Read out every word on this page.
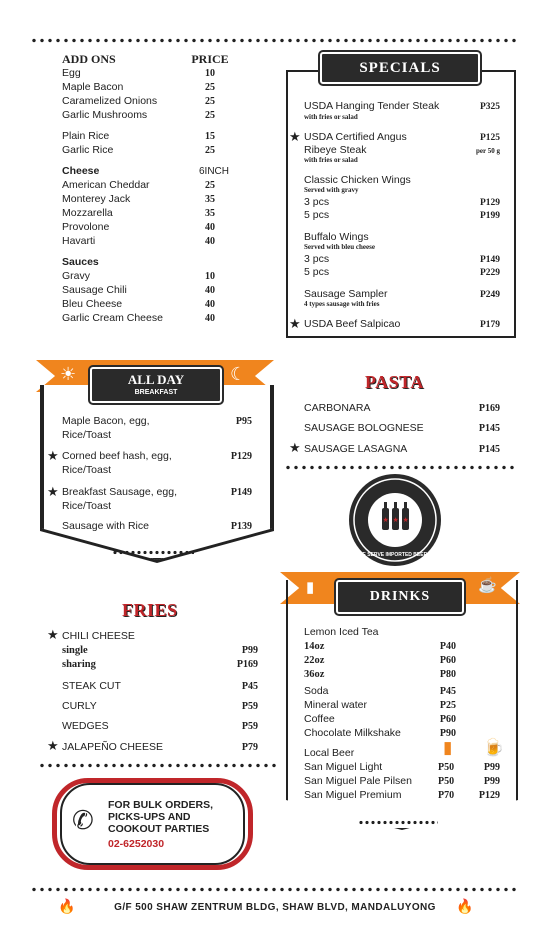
ADD ONS	PRICE
Egg	10
Maple Bacon	25
Caramelized Onions	25
Garlic Mushrooms	25
Plain Rice	15
Garlic Rice	25
Cheese	6INCH
American Cheddar	25
Monterey Jack	35
Mozzarella	35
Provolone	40
Havarti	40
Sauces
Gravy	10
Sausage Chili	40
Bleu Cheese	40
Garlic Cream Cheese	40
SPECIALS
USDA Hanging Tender Steak	P325
with fries or salad
★ USDA Certified Angus	P125
Ribeye Steak	per 50 g
with fries or salad
Classic Chicken Wings
Served with gravy
3 pcs	P129
5 pcs	P199
Buffalo Wings
Served with bleu cheese
3 pcs	P149
5 pcs	P229
Sausage Sampler	P249
4 types sausage with fries
★ USDA Beef Salpicao	P179
☀	☾
ALL DAY
BREAKFAST
Maple Bacon, egg,	P95
Rice/Toast
★ Corned beef hash, egg,	P129
Rice/Toast
★ Breakfast Sausage, egg,	P149
Rice/Toast
Sausage with Rice	P139
PASTA
CARBONARA	P169
SAUSAGE BOLOGNESE	P145
★ SAUSAGE LASAGNA	P145
★ ★ ★
WE SERVE IMPORTED BEERS!
FRIES
★ CHILI CHEESE
single	P99
sharing	P169
STEAK CUT	P45
CURLY	P59
WEDGES	P59
★ JALAPEÑO CHEESE	P79
▮	☕
DRINKS
Lemon Iced Tea
14oz	P40
22oz	P60
36oz	P80
Soda	P45
Mineral water	P25
Coffee	P60
Chocolate Milkshake	P90
Local Beer	▮ 🍺
San Miguel Light	P50	P99
San Miguel Pale Pilsen	P50	P99
San Miguel Premium	P70	P129
✆ FOR BULK ORDERS,
PICKS-UPS AND
COOKOUT PARTIES
02-6252030
🔥	G/F 500 SHAW ZENTRUM BLDG, SHAW BLVD, MANDALUYONG	🔥
